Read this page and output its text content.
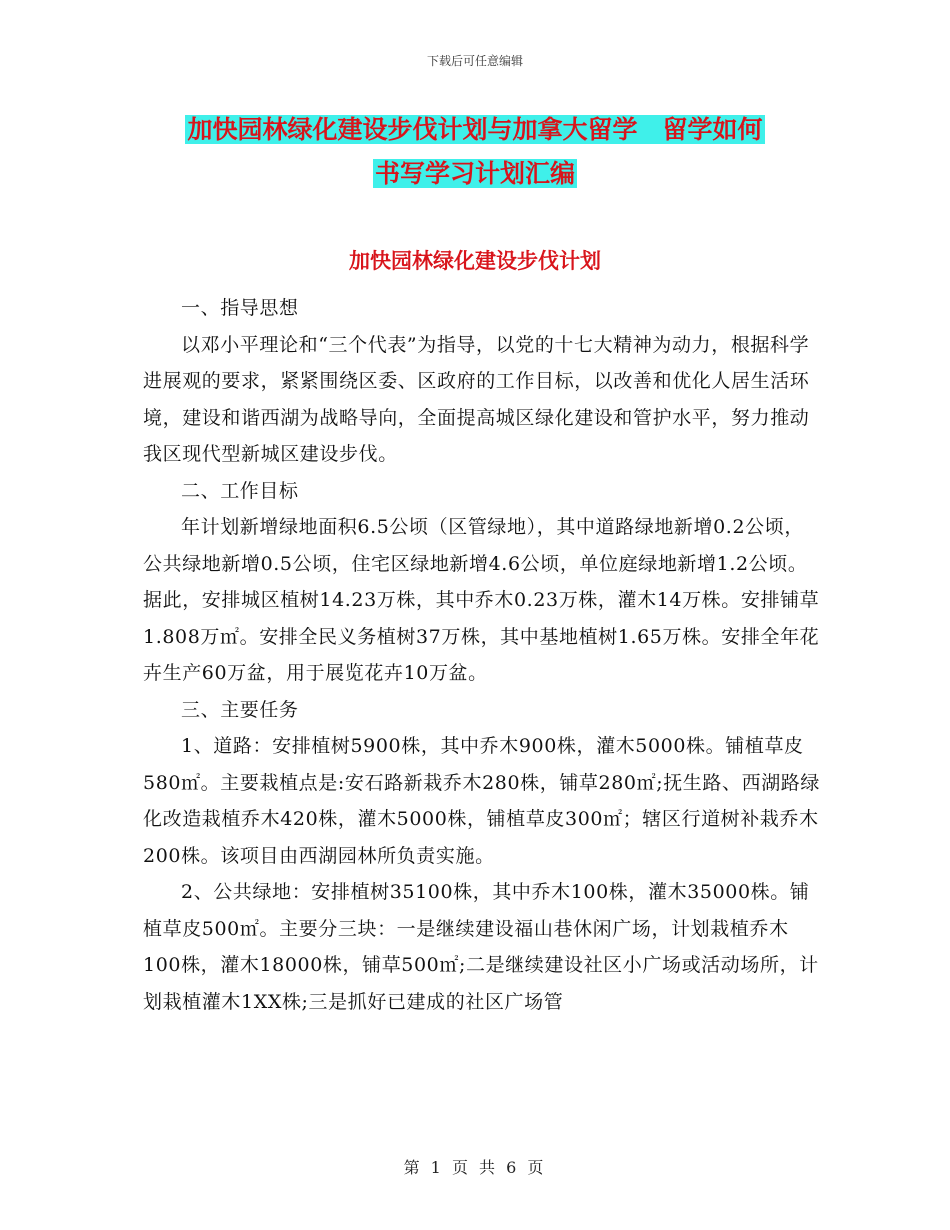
下载后可任意编辑
加快园林绿化建设步伐计划与加拿大留学　留学如何
书写学习计划汇编
加快园林绿化建设步伐计划

一、指导思想

以邓小平理论和“三个代表”为指导，以党的十七大精神为动力，根据科学进展观的要求，紧紧围绕区委、区政府的工作目标，以改善和优化人居生活环境，建设和谐西湖为战略导向，全面提高城区绿化建设和管护水平，努力推动我区现代型新城区建设步伐。

二、工作目标

年计划新增绿地面积6.5公顷（区管绿地），其中道路绿地新增0.2公顷，公共绿地新增0.5公顷，住宅区绿地新增4.6公顷，单位庭绿地新增1.2公顷。据此，安排城区植树14.23万株，其中乔木0.23万株，灌木14万株。安排铺草1.808万㎡。安排全民义务植树37万株，其中基地植树1.65万株。安排全年花卉生产60万盆，用于展览花卉10万盆。

三、主要任务

1、道路：安排植树5900株，其中乔木900株，灌木5000株。铺植草皮580㎡。主要栽植点是:安石路新栽乔木280株，铺草280㎡;抚生路、西湖路绿化改造栽植乔木420株，灌木5000株，铺植草皮300㎡；辖区行道树补栽乔木200株。该项目由西湖园林所负责实施。

2、公共绿地：安排植树35100株，其中乔木100株，灌木35000株。铺植草皮500㎡。主要分三块：一是继续建设福山巷休闲广场，计划栽植乔木100株，灌木18000株，铺草500㎡;二是继续建设社区小广场或活动场所，计划栽植灌木1XX株;三是抓好已建成的社区广场管

第 1 页 共 6 页
